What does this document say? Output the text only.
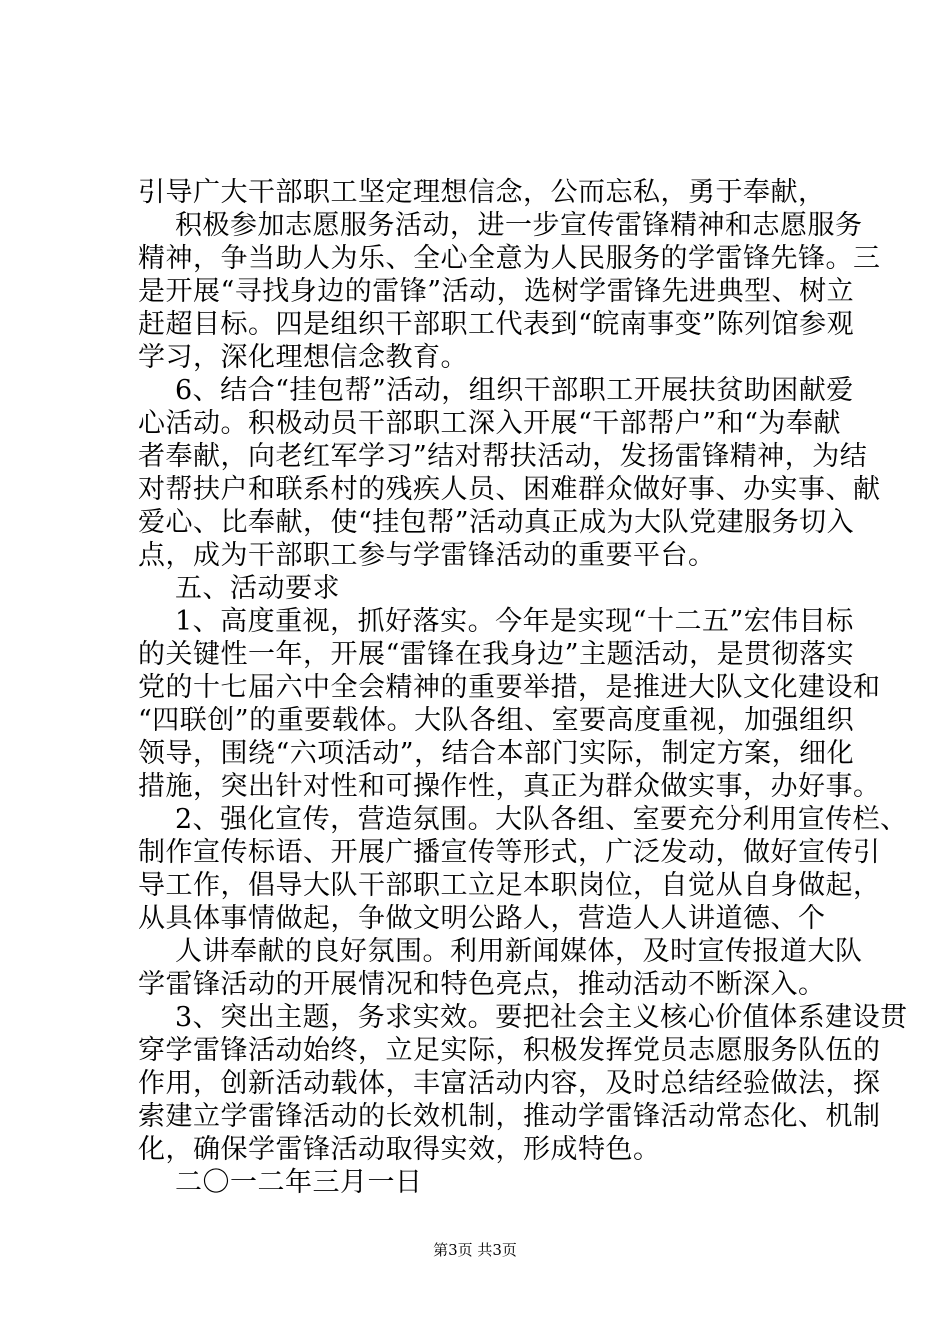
引导广大干部职工坚定理想信念，公而忘私，勇于奉献，
积极参加志愿服务活动，进一步宣传雷锋精神和志愿服务
精神，争当助人为乐、全心全意为人民服务的学雷锋先锋。三
是开展“寻找身边的雷锋”活动，选树学雷锋先进典型、树立
赶超目标。四是组织干部职工代表到“皖南事变”陈列馆参观
学习，深化理想信念教育。
6、结合“挂包帮”活动，组织干部职工开展扶贫助困献爱
心活动。积极动员干部职工深入开展“干部帮户”和“为奉献
者奉献，向老红军学习”结对帮扶活动，发扬雷锋精神，为结
对帮扶户和联系村的残疾人员、困难群众做好事、办实事、献
爱心、比奉献，使“挂包帮”活动真正成为大队党建服务切入
点，成为干部职工参与学雷锋活动的重要平台。
五、活动要求
1、高度重视，抓好落实。今年是实现“十二五”宏伟目标
的关键性一年，开展“雷锋在我身边”主题活动，是贯彻落实
党的十七届六中全会精神的重要举措，是推进大队文化建设和
“四联创”的重要载体。大队各组、室要高度重视，加强组织
领导，围绕“六项活动”，结合本部门实际，制定方案，细化
措施，突出针对性和可操作性，真正为群众做实事，办好事。
2、强化宣传，营造氛围。大队各组、室要充分利用宣传栏、
制作宣传标语、开展广播宣传等形式，广泛发动，做好宣传引
导工作，倡导大队干部职工立足本职岗位，自觉从自身做起，
从具体事情做起，争做文明公路人，营造人人讲道德、个
人讲奉献的良好氛围。利用新闻媒体，及时宣传报道大队
学雷锋活动的开展情况和特色亮点，推动活动不断深入。
3、突出主题，务求实效。要把社会主义核心价值体系建设贯
穿学雷锋活动始终，立足实际，积极发挥党员志愿服务队伍的
作用，创新活动载体，丰富活动内容，及时总结经验做法，探
索建立学雷锋活动的长效机制，推动学雷锋活动常态化、机制
化，确保学雷锋活动取得实效，形成特色。
二〇一二年三月一日
第3页 共3页
